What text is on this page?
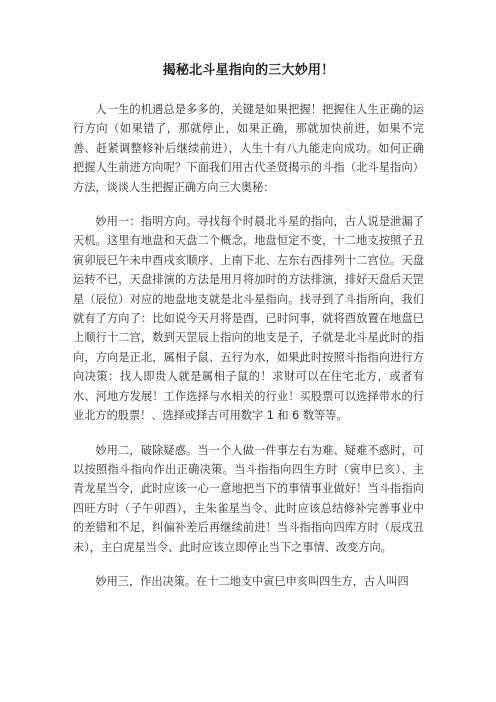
揭秘北斗星指向的三大妙用！

人一生的机遇总是多多的，关键是如果把握！把握住人生正确的运行方向（如果错了，那就停止，如果正确，那就加快前进，如果不完善、赶紧调整修补后继续前进），人生十有八九能走向成功。如何正确把握人生前进方向呢？下面我们用古代圣贤揭示的斗指（北斗星指向）方法，谈谈人生把握正确方向三大奥秘：

妙用一：指明方向。寻找每个时晨北斗星的指向，古人说是泄漏了天机。这里有地盘和天盘二个概念，地盘恒定不变，十二地支按照子丑寅卯辰巳午未申酉戌亥顺序、上南下北、左东右西排列十二宫位。天盘运转不已，天盘排演的方法是用月将加时的方法排演，排好天盘后天罡星（辰位）对应的地盘地支就是北斗星指向。找寻到了斗指所向，我们就有了方向了：比如说今天月将是酉，已时问事，就将酉放置在地盘巳上顺行十二宫，数到天罡辰上指向的地支是子，子就是北斗星此时的指向，方向是正北，属相子鼠、五行为水，如果此时按照斗指指向进行方向决策：找人即贵人就是属相子鼠的！求财可以在住宅北方，或者有水、河地方发展！工作选择与水相关的行业！买股票可以选择带水的行业北方的股票！、选择或择吉可用数字 1 和 6 数等等。

妙用二，破除疑惑。当一个人做一件事左右为难、疑难不惑时，可以按照指斗指向作出正确决策。当斗指指向四生方时（寅申巳亥）、主青龙星当令，此时应该一心一意地把当下的事情事业做好！当斗指指向四旺方时（子午卯酉），主朱雀星当令、此时应该总结修补完善事业中的差错和不足，纠偏补差后再继续前进！当斗指指向四库方时（辰戌丑未），主白虎星当令、此时应该立即停止当下之事情、改变方向。

妙用三，作出决策。在十二地支中寅巳申亥叫四生方，古人叫四
